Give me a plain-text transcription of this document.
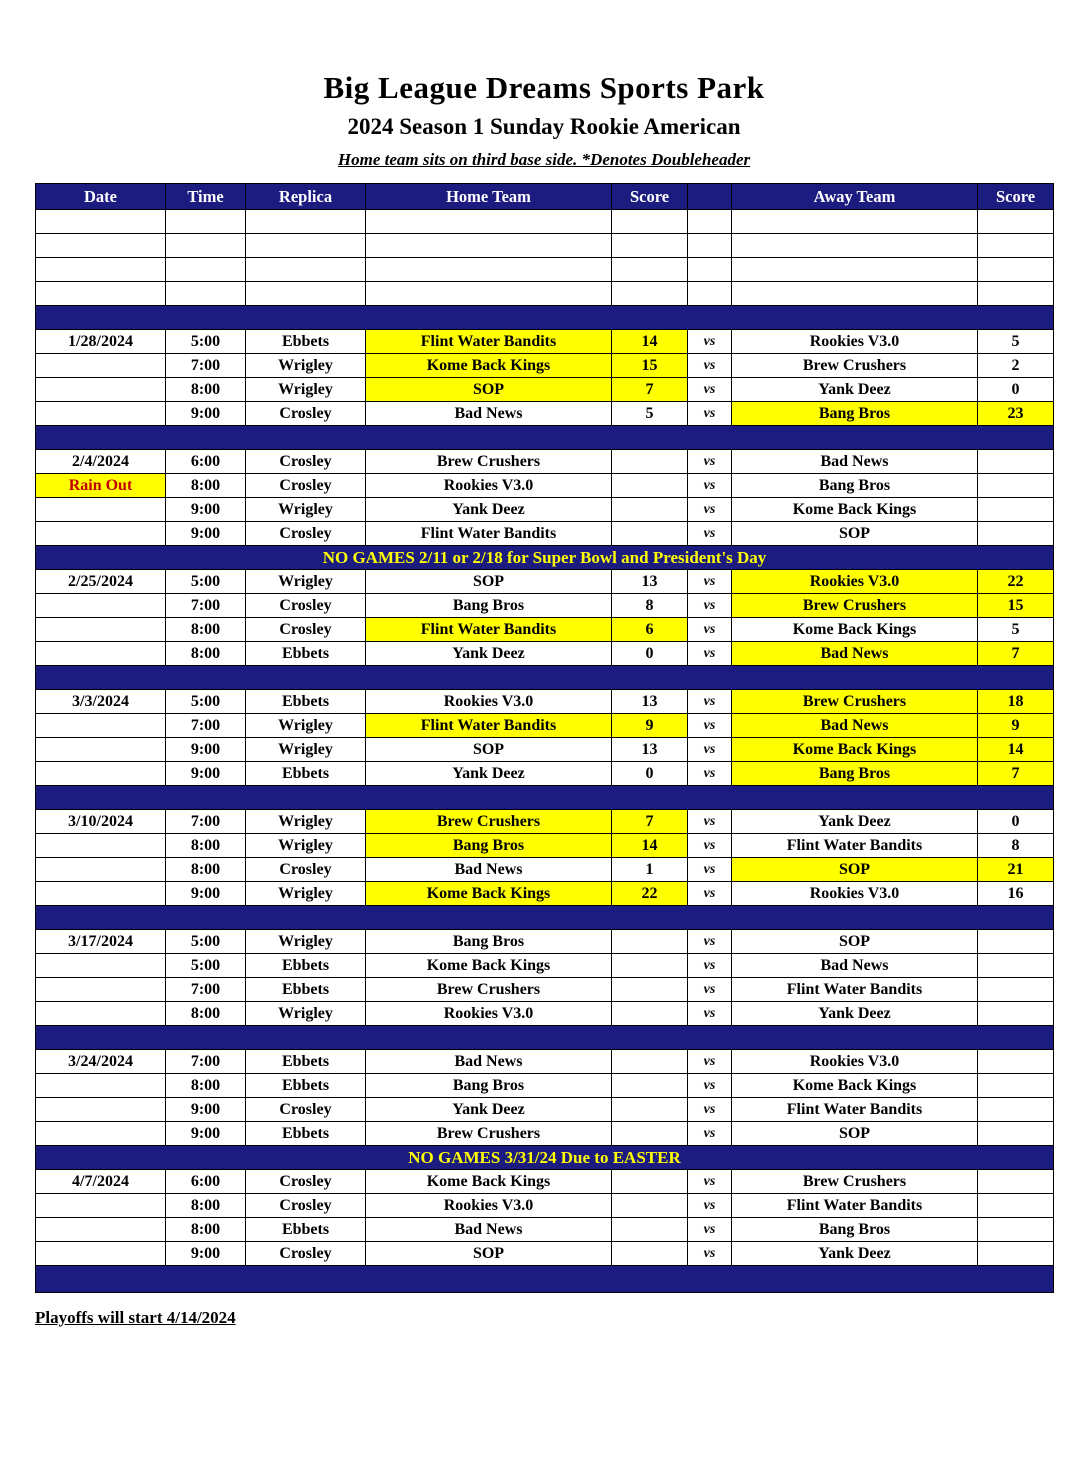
Big League Dreams Sports Park
2024 Season 1 Sunday Rookie American
Home team sits on third base side. *Denotes Doubleheader
Date	Time	Replica	Home Team	Score		Away Team	Score

1/28/2024	5:00	Ebbets	Flint Water Bandits	14	vs	Rookies V3.0	5
	7:00	Wrigley	Kome Back Kings	15	vs	Brew Crushers	2
	8:00	Wrigley	SOP	7	vs	Yank Deez	0
	9:00	Crosley	Bad News	5	vs	Bang Bros	23

2/4/2024	6:00	Crosley	Brew Crushers		vs	Bad News	
Rain Out	8:00	Crosley	Rookies V3.0		vs	Bang Bros	
	9:00	Wrigley	Yank Deez		vs	Kome Back Kings	
	9:00	Crosley	Flint Water Bandits		vs	SOP	
NO GAMES 2/11 or 2/18 for Super Bowl and President's Day							
2/25/2024	5:00	Wrigley	SOP	13	vs	Rookies V3.0	22
	7:00	Crosley	Bang Bros	8	vs	Brew Crushers	15
	8:00	Crosley	Flint Water Bandits	6	vs	Kome Back Kings	5
	8:00	Ebbets	Yank Deez	0	vs	Bad News	7

3/3/2024	5:00	Ebbets	Rookies V3.0	13	vs	Brew Crushers	18
	7:00	Wrigley	Flint Water Bandits	9	vs	Bad News	9
	9:00	Wrigley	SOP	13	vs	Kome Back Kings	14
	9:00	Ebbets	Yank Deez	0	vs	Bang Bros	7

3/10/2024	7:00	Wrigley	Brew Crushers	7	vs	Yank Deez	0
	8:00	Wrigley	Bang Bros	14	vs	Flint Water Bandits	8
	8:00	Crosley	Bad News	1	vs	SOP	21
	9:00	Wrigley	Kome Back Kings	22	vs	Rookies V3.0	16

3/17/2024	5:00	Wrigley	Bang Bros		vs	SOP	
	5:00	Ebbets	Kome Back Kings		vs	Bad News	
	7:00	Ebbets	Brew Crushers		vs	Flint Water Bandits	
	8:00	Wrigley	Rookies V3.0		vs	Yank Deez	

3/24/2024	7:00	Ebbets	Bad News		vs	Rookies V3.0	
	8:00	Ebbets	Bang Bros		vs	Kome Back Kings	
	9:00	Crosley	Yank Deez		vs	Flint Water Bandits	
	9:00	Ebbets	Brew Crushers		vs	SOP	
NO GAMES 3/31/24 Due to EASTER							
4/7/2024	6:00	Crosley	Kome Back Kings		vs	Brew Crushers	
	8:00	Crosley	Rookies V3.0		vs	Flint Water Bandits	
	8:00	Ebbets	Bad News		vs	Bang Bros	
	9:00	Crosley	SOP		vs	Yank Deez	

Playoffs will start 4/14/2024
